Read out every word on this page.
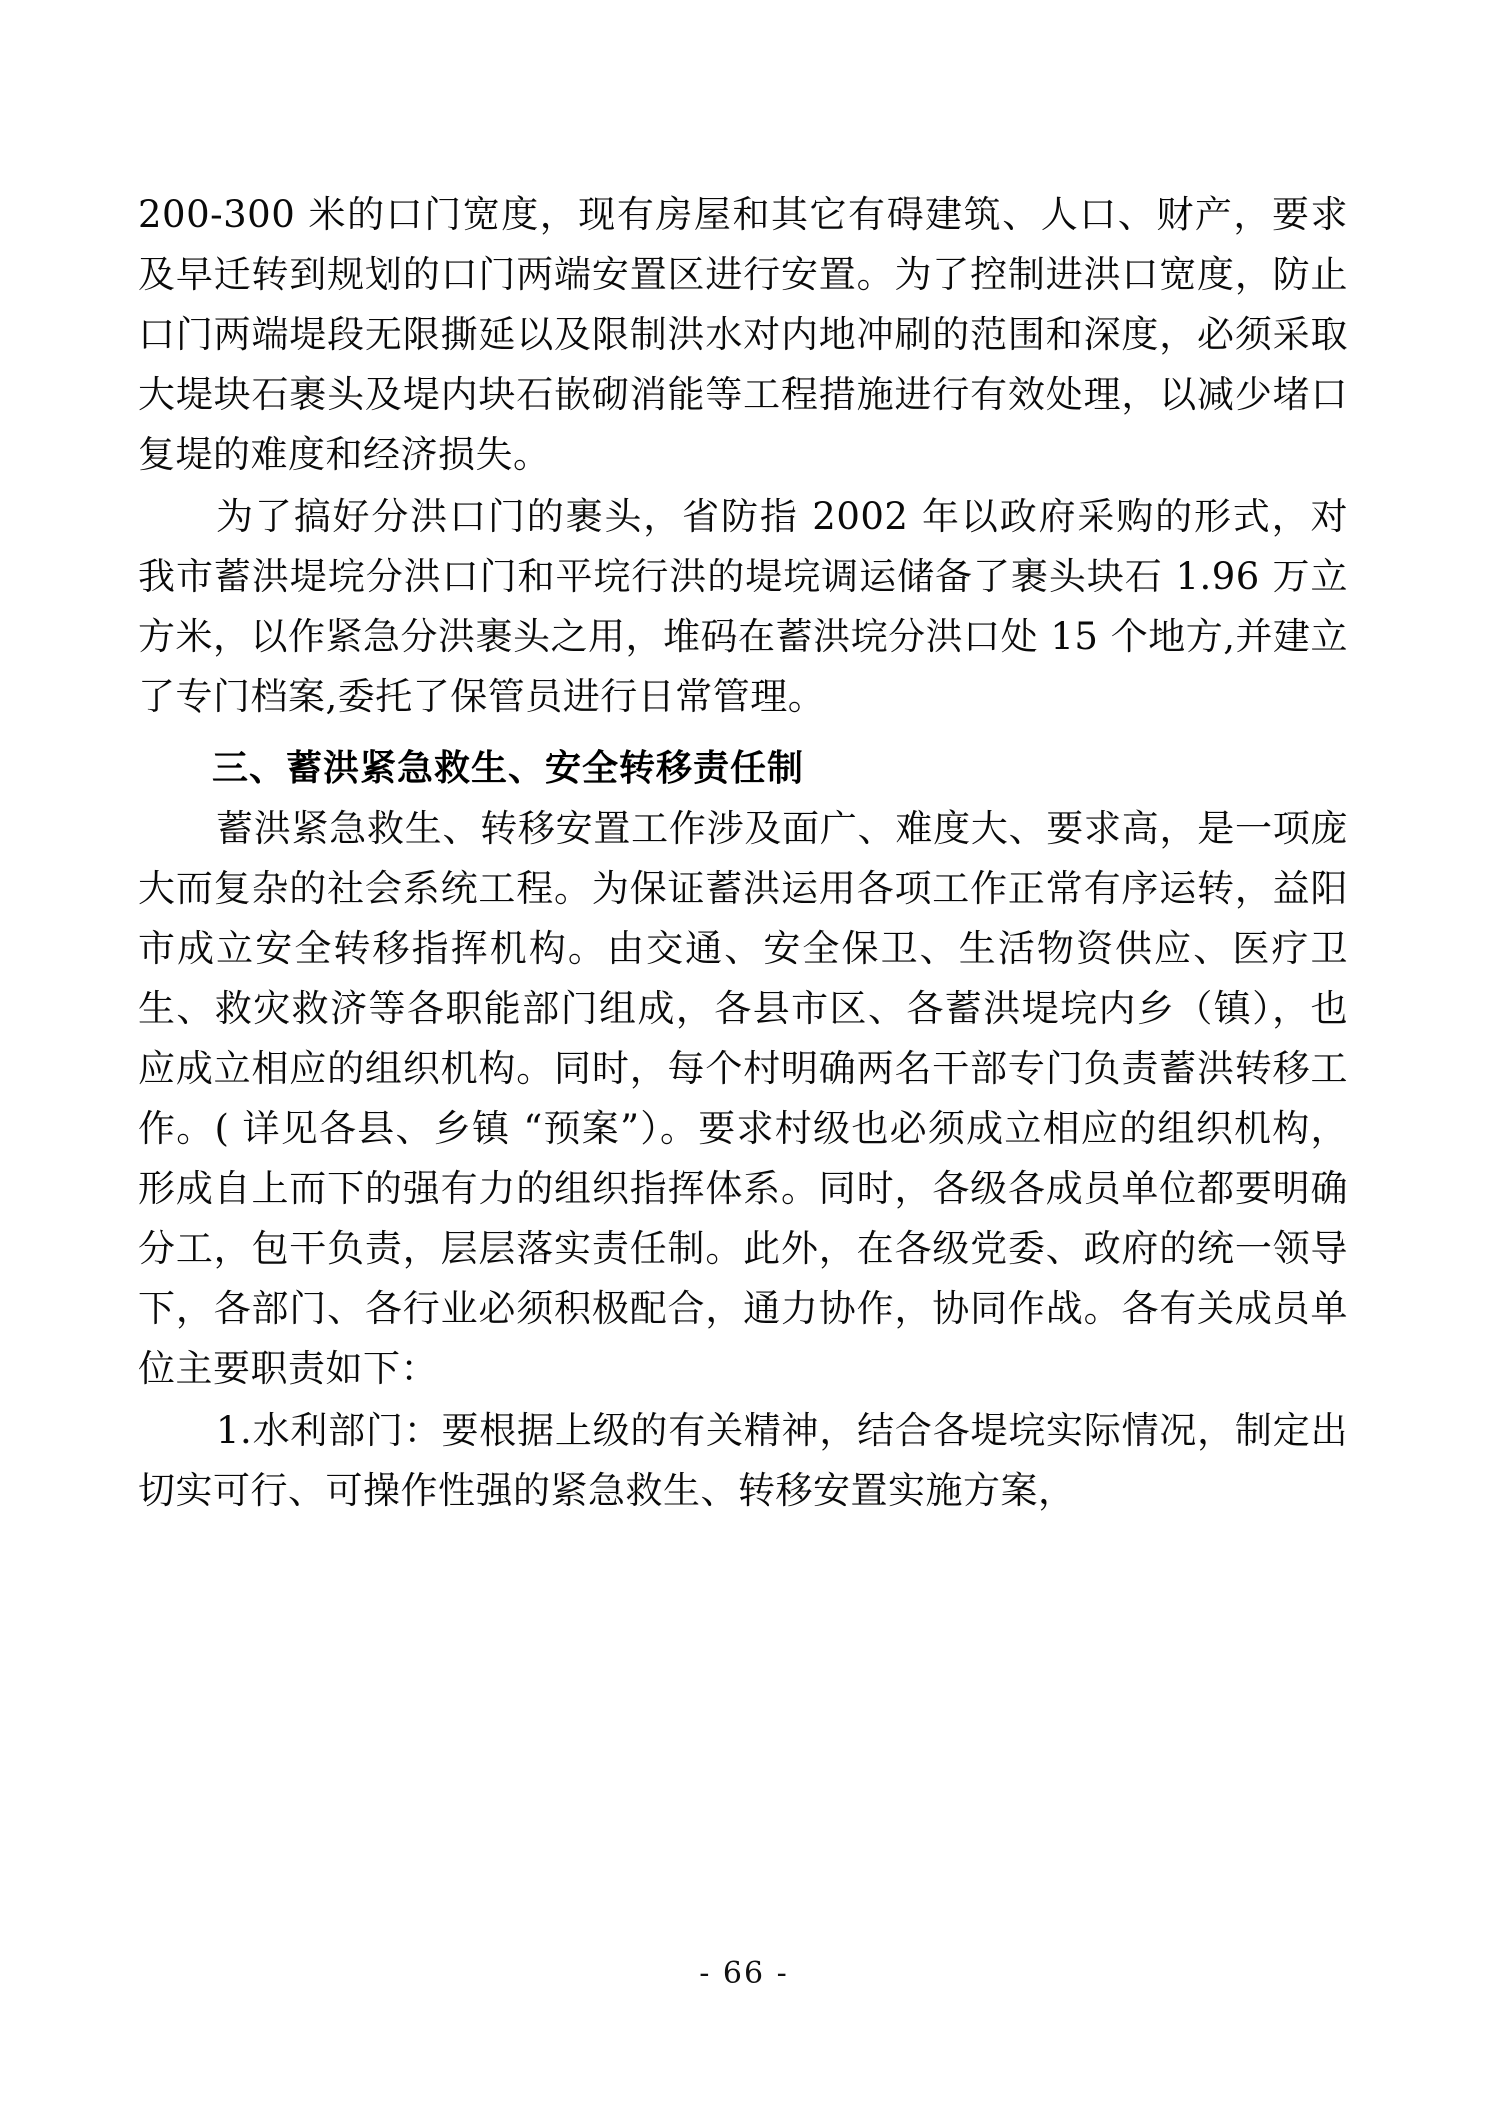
200-300 米的口门宽度，现有房屋和其它有碍建筑、人口、财产，要求及早迁转到规划的口门两端安置区进行安置。为了控制进洪口宽度，防止口门两端堤段无限撕延以及限制洪水对内地冲刷的范围和深度，必须采取大堤块石裹头及堤内块石嵌砌消能等工程措施进行有效处理，以减少堵口复堤的难度和经济损失。

为了搞好分洪口门的裹头，省防指 2002 年以政府采购的形式，对我市蓄洪堤垸分洪口门和平垸行洪的堤垸调运储备了裹头块石 1.96 万立方米，以作紧急分洪裹头之用，堆码在蓄洪垸分洪口处 15 个地方,并建立了专门档案,委托了保管员进行日常管理。

三、蓄洪紧急救生、安全转移责任制

蓄洪紧急救生、转移安置工作涉及面广、难度大、要求高，是一项庞大而复杂的社会系统工程。为保证蓄洪运用各项工作正常有序运转，益阳市成立安全转移指挥机构。由交通、安全保卫、生活物资供应、医疗卫生、救灾救济等各职能部门组成，各县市区、各蓄洪堤垸内乡（镇），也应成立相应的组织机构。同时，每个村明确两名干部专门负责蓄洪转移工作。( 详见各县、乡镇 “预案”）。要求村级也必须成立相应的组织机构，形成自上而下的强有力的组织指挥体系。同时，各级各成员单位都要明确分工，包干负责，层层落实责任制。此外，在各级党委、政府的统一领导下，各部门、各行业必须积极配合，通力协作，协同作战。各有关成员单位主要职责如下：

1.水利部门：要根据上级的有关精神，结合各堤垸实际情况，制定出切实可行、可操作性强的紧急救生、转移安置实施方案，

- 66 -
